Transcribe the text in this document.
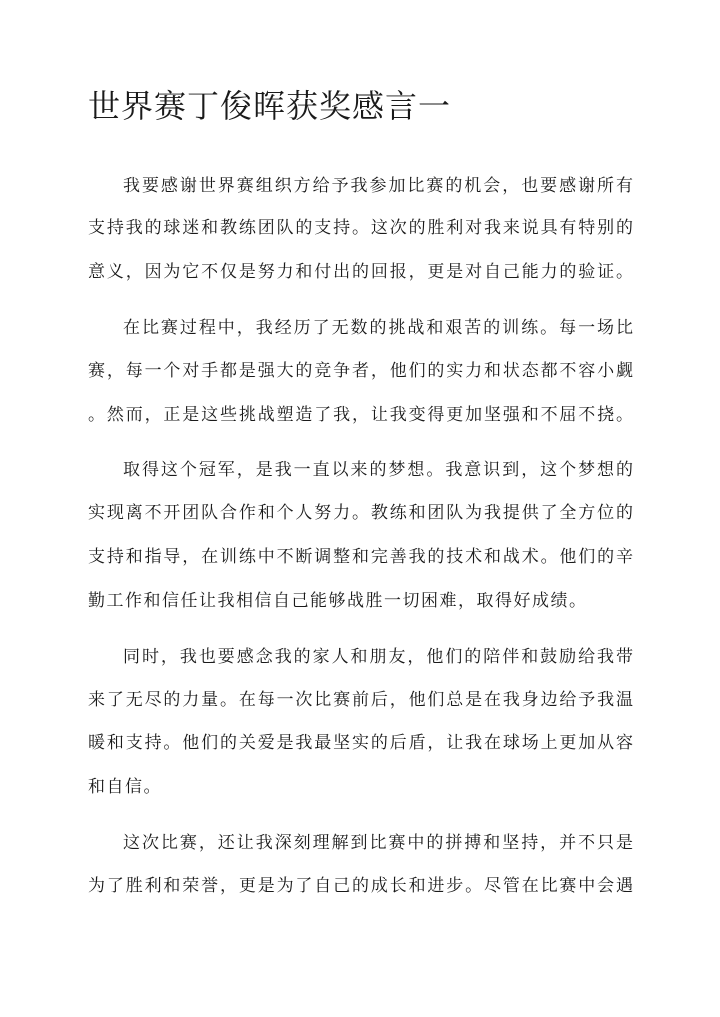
世界赛丁俊晖获奖感言一
我要感谢世界赛组织方给予我参加比赛的机会，也要感谢所有
支持我的球迷和教练团队的支持。这次的胜利对我来说具有特别的
意义，因为它不仅是努力和付出的回报，更是对自己能力的验证。
在比赛过程中，我经历了无数的挑战和艰苦的训练。每一场比
赛，每一个对手都是强大的竞争者，他们的实力和状态都不容小觑
。然而，正是这些挑战塑造了我，让我变得更加坚强和不屈不挠。
取得这个冠军，是我一直以来的梦想。我意识到，这个梦想的
实现离不开团队合作和个人努力。教练和团队为我提供了全方位的
支持和指导，在训练中不断调整和完善我的技术和战术。他们的辛
勤工作和信任让我相信自己能够战胜一切困难，取得好成绩。
同时，我也要感念我的家人和朋友，他们的陪伴和鼓励给我带
来了无尽的力量。在每一次比赛前后，他们总是在我身边给予我温
暖和支持。他们的关爱是我最坚实的后盾，让我在球场上更加从容
和自信。
这次比赛，还让我深刻理解到比赛中的拼搏和坚持，并不只是
为了胜利和荣誉，更是为了自己的成长和进步。尽管在比赛中会遇
